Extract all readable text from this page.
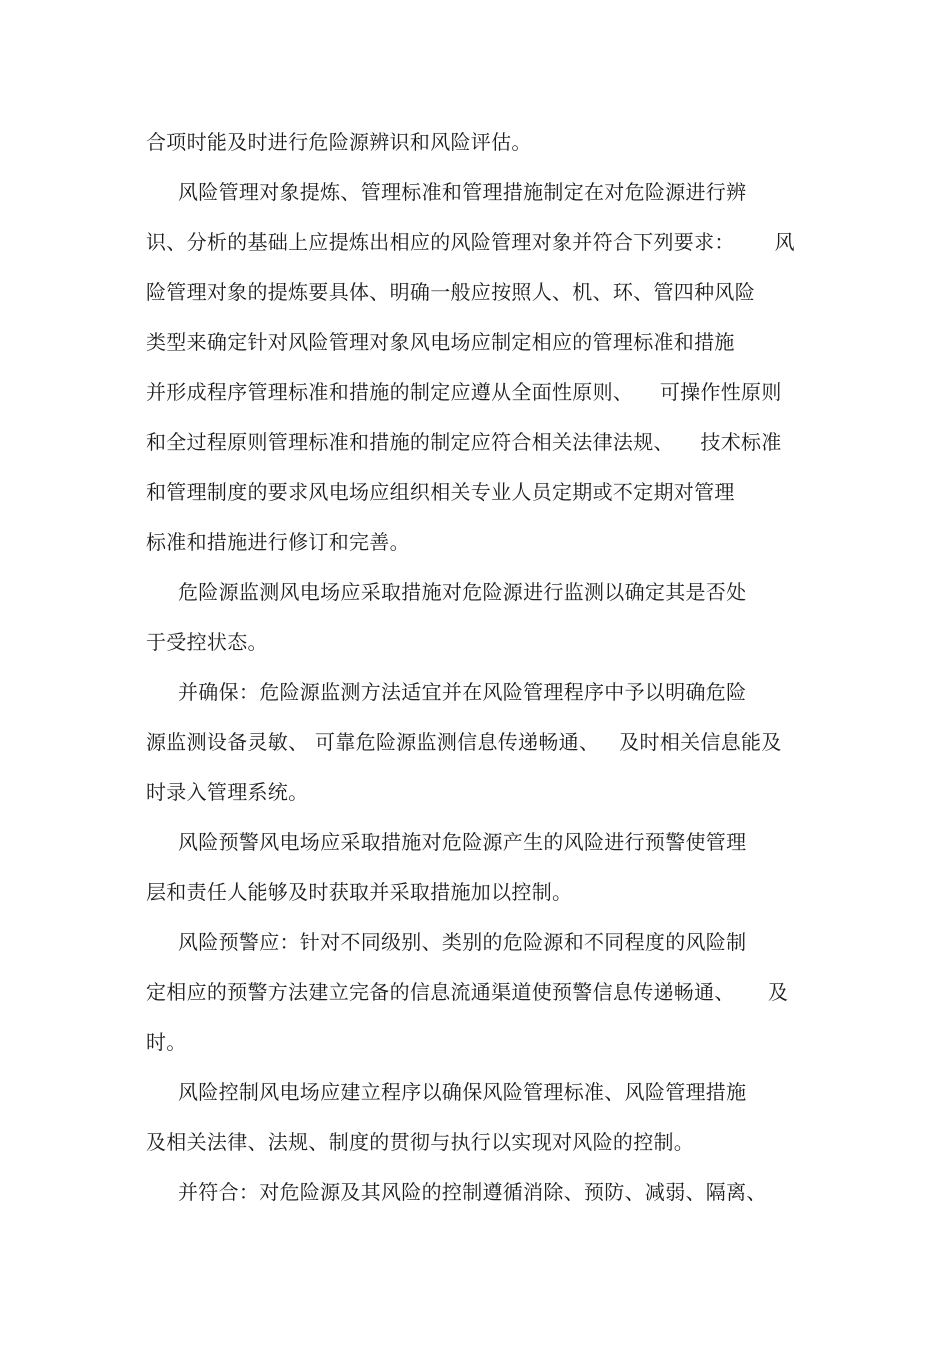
合项时能及时进行危险源辨识和风险评估。
风险管理对象提炼、管理标准和管理措施制定在对危险源进行辨
识、分析的基础上应提炼出相应的风险管理对象并符合下列要求：      风
险管理对象的提炼要具体、明确一般应按照人、机、环、管四种风险
类型来确定针对风险管理对象风电场应制定相应的管理标准和措施
并形成程序管理标准和措施的制定应遵从全面性原则、    可操作性原则
和全过程原则管理标准和措施的制定应符合相关法律法规、    技术标准
和管理制度的要求风电场应组织相关专业人员定期或不定期对管理
标准和措施进行修订和完善。
危险源监测风电场应采取措施对危险源进行监测以确定其是否处
于受控状态。
并确保：危险源监测方法适宜并在风险管理程序中予以明确危险
源监测设备灵敏、 可靠危险源监测信息传递畅通、   及时相关信息能及
时录入管理系统。
风险预警风电场应采取措施对危险源产生的风险进行预警使管理
层和责任人能够及时获取并采取措施加以控制。
风险预警应：针对不同级别、类别的危险源和不同程度的风险制
定相应的预警方法建立完备的信息流通渠道使预警信息传递畅通、     及
时。
风险控制风电场应建立程序以确保风险管理标准、风险管理措施
及相关法律、法规、制度的贯彻与执行以实现对风险的控制。
并符合：对危险源及其风险的控制遵循消除、预防、减弱、隔离、
